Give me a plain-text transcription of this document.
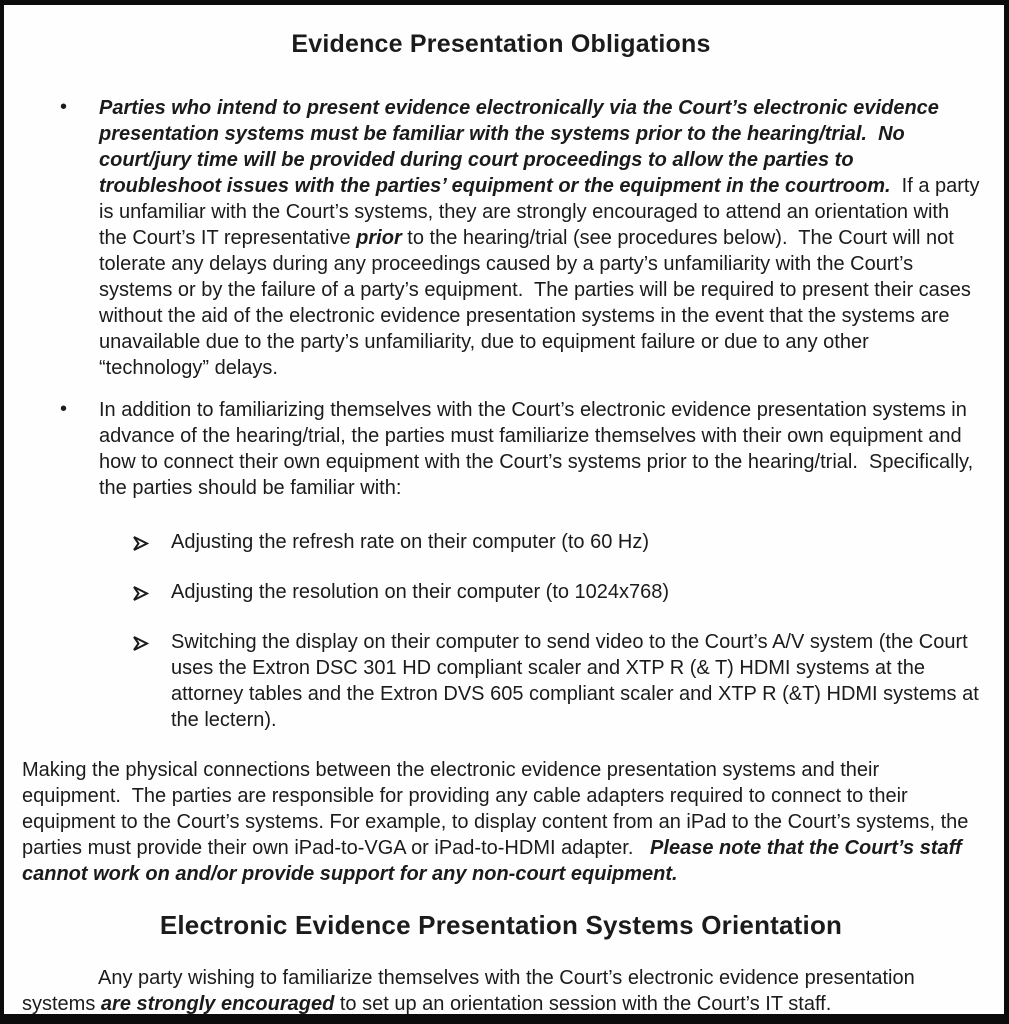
Evidence Presentation Obligations
• Parties who intend to present evidence electronically via the Court’s electronic evidence presentation systems must be familiar with the systems prior to the hearing/trial.  No court/jury time will be provided during court proceedings to allow the parties to troubleshoot issues with the parties’ equipment or the equipment in the courtroom.  If a party is unfamiliar with the Court’s systems, they are strongly encouraged to attend an orientation with the Court’s IT representative prior to the hearing/trial (see procedures below).  The Court will not tolerate any delays during any proceedings caused by a party’s unfamiliarity with the Court’s systems or by the failure of a party’s equipment.  The parties will be required to present their cases without the aid of the electronic evidence presentation systems in the event that the systems are unavailable due to the party’s unfamiliarity, due to equipment failure or due to any other “technology” delays.
• In addition to familiarizing themselves with the Court’s electronic evidence presentation systems in advance of the hearing/trial, the parties must familiarize themselves with their own equipment and how to connect their own equipment with the Court’s systems prior to the hearing/trial.  Specifically, the parties should be familiar with:
Adjusting the refresh rate on their computer (to 60 Hz)
Adjusting the resolution on their computer (to 1024x768)
Switching the display on their computer to send video to the Court’s A/V system (the Court uses the Extron DSC 301 HD compliant scaler and XTP R (& T) HDMI systems at the attorney tables and the Extron DVS 605 compliant scaler and XTP R (&T) HDMI systems at the lectern).
Making the physical connections between the electronic evidence presentation systems and their equipment.  The parties are responsible for providing any cable adapters required to connect to their equipment to the Court’s systems. For example, to display content from an iPad to the Court’s systems, the parties must provide their own iPad-to-VGA or iPad-to-HDMI adapter.   Please note that the Court’s staff cannot work on and/or provide support for any non-court equipment.
Electronic Evidence Presentation Systems Orientation
Any party wishing to familiarize themselves with the Court’s electronic evidence presentation systems are strongly encouraged to set up an orientation session with the Court’s IT staff.
